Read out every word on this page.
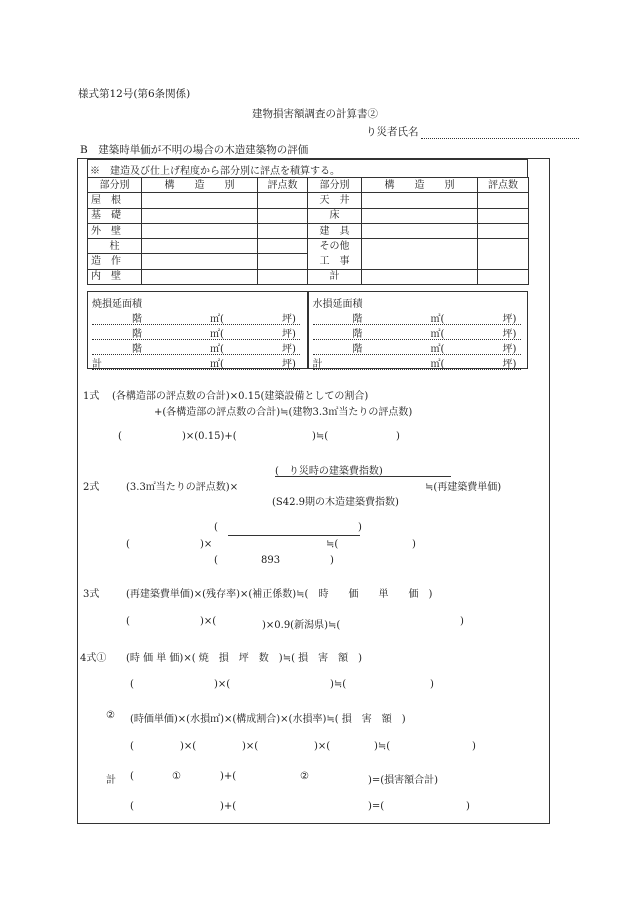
様式第12号(第6条関係)
建物損害額調査の計算書②
り災者氏名
B　建築時単価が不明の場合の木造建築物の評価
※　建造及び仕上げ程度から部分別に評点を積算する。
部分別	構　　造　　別	評点数	部分別	構　　造　　別	評点数
屋　根			天　井		
基　礎			床		
外　壁			建　具		
柱			その他		
造　作			工　事		
内　壁			計		
焼損延面積
階	㎡(	坪)
階	㎡(	坪)
階	㎡(	坪)
計	㎡(	坪)
水損延面積
階	㎡(	坪)
階	㎡(	坪)
階	㎡(	坪)
計	㎡(	坪)
1式 (各構造部の評点数の合計)×0.15(建築設備としての割合)
+(各構造部の評点数の合計)≒(建物3.3㎡当たりの評点数)
(	)×(0.15)+(	)≒(	)
(　り災時の建築費指数)
2式	(3.3㎡当たりの評点数)×	≒(再建築費単価)
(S42.9期の木造建築費指数)
(	)
(	)×	≒(	)
(	893	)
3式	(再建築費単価)×(残存率)×(補正係数)≒(　時　　価　　単　　価　)
(	)×(	)×0.9(新潟県)≒(	)
4式① (時 価 単 価)×( 焼　損　坪　数　)≒( 損　害　額　)
(	)×(	)≒(	)
② (時価単価)×(水損㎡)×(構成割合)×(水損率)≒( 損　害　額　)
(	)×(	)×(	)×(	)≒(	)
計 (	①	)+(	②	)=(損害額合計)
(	)+(	)=(	)
